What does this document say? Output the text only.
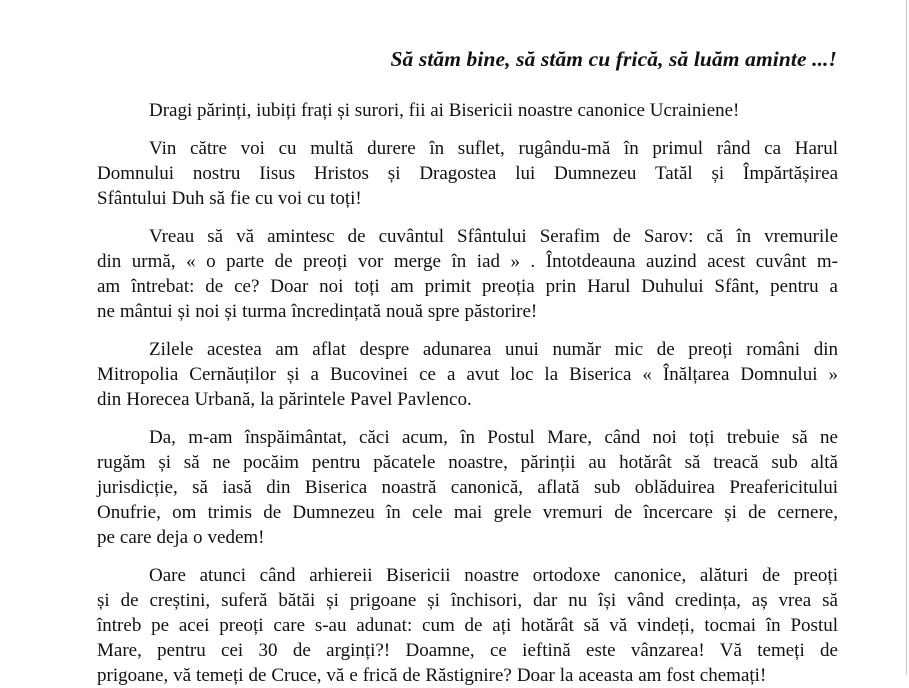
Să stăm bine, să stăm cu frică, să luăm aminte ...!

Dragi părinți, iubiți frați și surori, fii ai Bisericii noastre canonice Ucrainiene!

Vin către voi cu multă durere în suflet, rugându-mă în primul rând ca Harul
Domnului nostru Iisus Hristos și Dragostea lui Dumnezeu Tatăl și Împărtășirea
Sfântului Duh să fie cu voi cu toți!

Vreau să vă amintesc de cuvântul Sfântului Serafim de Sarov: că în vremurile
din urmă, « o parte de preoți vor merge în iad » . Întotdeauna auzind acest cuvânt m-
am întrebat: de ce? Doar noi toți am primit preoția prin Harul Duhului Sfânt, pentru a
ne mântui și noi și turma încredințată nouă spre păstorire!

Zilele acestea am aflat despre adunarea unui număr mic de preoți români din
Mitropolia Cernăuților și a Bucovinei ce a avut loc la Biserica « Înălțarea Domnului »
din Horecea Urbană, la părintele Pavel Pavlenco.

Da, m-am înspăimântat, căci acum, în Postul Mare, când noi toți trebuie să ne
rugăm și să ne pocăim pentru păcatele noastre, părinții au hotărât să treacă sub altă
jurisdicție, să iasă din Biserica noastră canonică, aflată sub oblăduirea Preafericitului
Onufrie, om trimis de Dumnezeu în cele mai grele vremuri de încercare și de cernere,
pe care deja o vedem!

Oare atunci când arhiereii Bisericii noastre ortodoxe canonice, alături de preoți
și de creștini, suferă bătăi și prigoane și închisori, dar nu își vând credința, aș vrea să
întreb pe acei preoți care s-au adunat: cum de ați hotărât să vă vindeți, tocmai în Postul
Mare, pentru cei 30 de arginți?! Doamne, ce ieftină este vânzarea! Vă temeți de
prigoane, vă temeți de Cruce, vă e frică de Răstignire? Doar la aceasta am fost chemați!
